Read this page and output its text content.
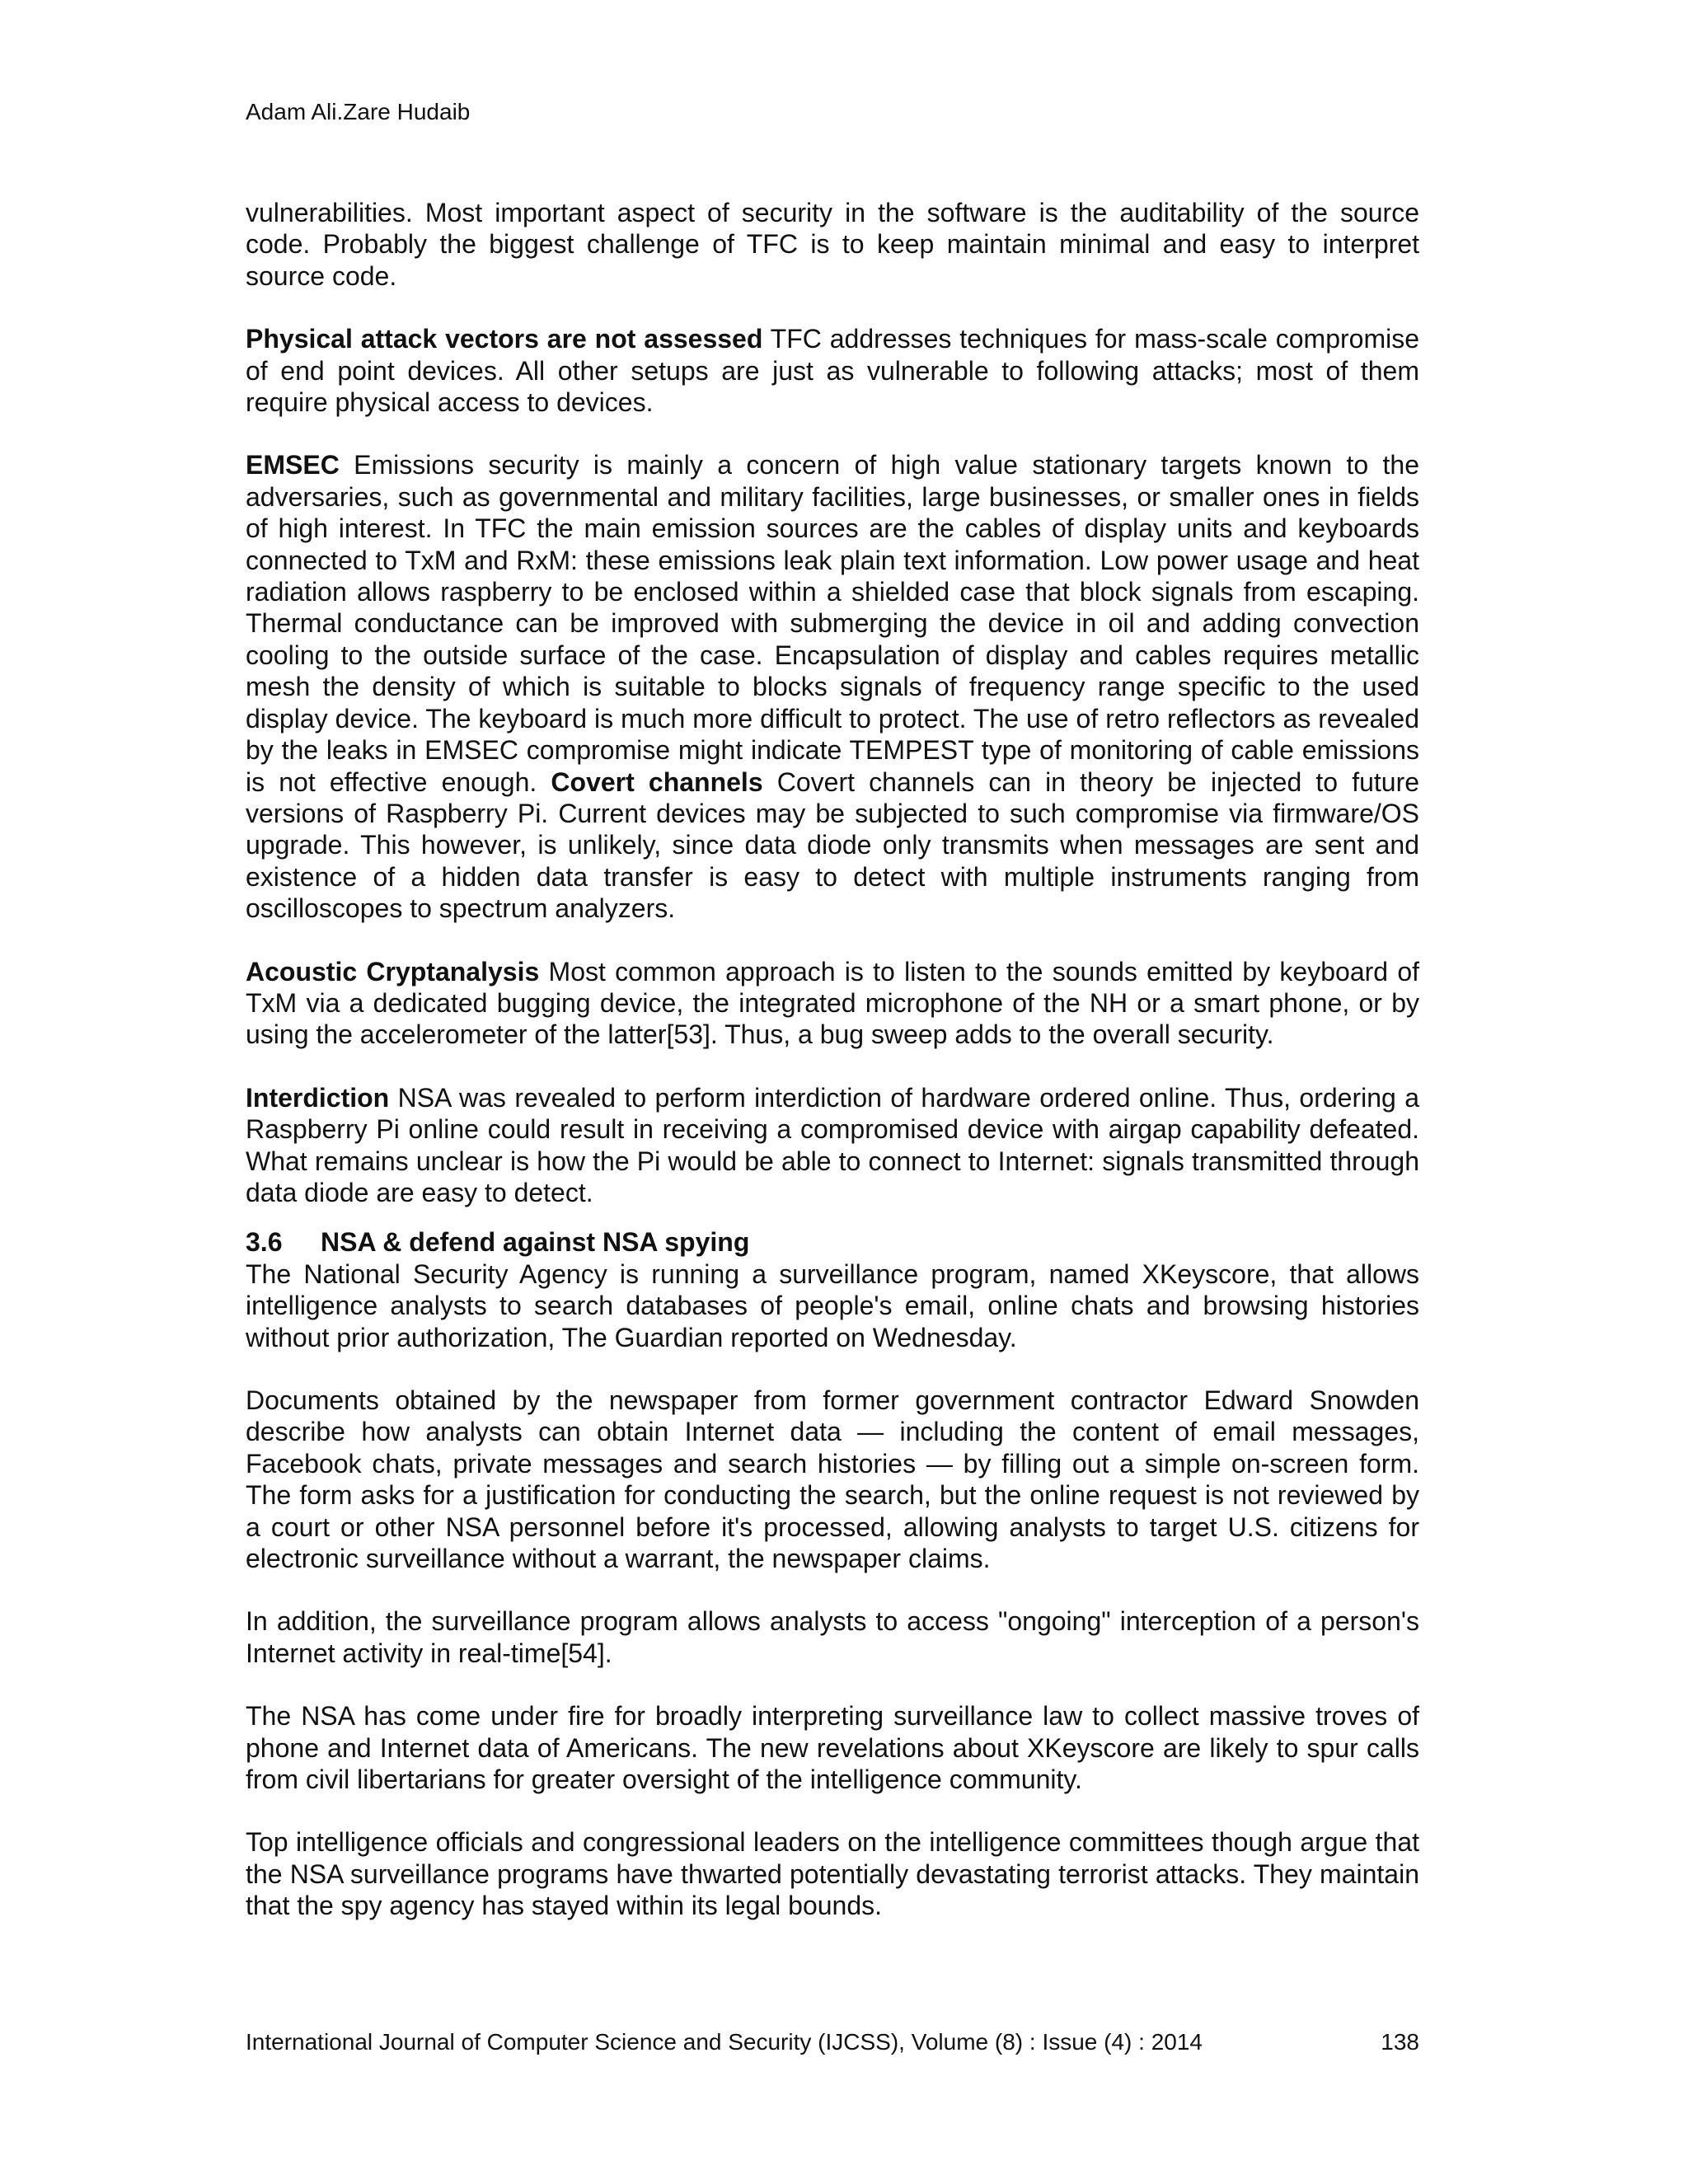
Adam Ali.Zare Hudaib

vulnerabilities. Most important aspect of security in the software is the auditability of the source code. Probably the biggest challenge of TFC is to keep maintain minimal and easy to interpret source code.

Physical attack vectors are not assessed TFC addresses techniques for mass-scale compromise of end point devices. All other setups are just as vulnerable to following attacks; most of them require physical access to devices.

EMSEC Emissions security is mainly a concern of high value stationary targets known to the adversaries, such as governmental and military facilities, large businesses, or smaller ones in fields of high interest. In TFC the main emission sources are the cables of display units and keyboards connected to TxM and RxM: these emissions leak plain text information. Low power usage and heat radiation allows raspberry to be enclosed within a shielded case that block signals from escaping. Thermal conductance can be improved with submerging the device in oil and adding convection cooling to the outside surface of the case. Encapsulation of display and cables requires metallic mesh the density of which is suitable to blocks signals of frequency range specific to the used display device. The keyboard is much more difficult to protect. The use of retro reflectors as revealed by the leaks in EMSEC compromise might indicate TEMPEST type of monitoring of cable emissions is not effective enough. Covert channels Covert channels can in theory be injected to future versions of Raspberry Pi. Current devices may be subjected to such compromise via firmware/OS upgrade. This however, is unlikely, since data diode only transmits when messages are sent and existence of a hidden data transfer is easy to detect with multiple instruments ranging from oscilloscopes to spectrum analyzers.

Acoustic Cryptanalysis Most common approach is to listen to the sounds emitted by keyboard of TxM via a dedicated bugging device, the integrated microphone of the NH or a smart phone, or by using the accelerometer of the latter[53]. Thus, a bug sweep adds to the overall security.

Interdiction NSA was revealed to perform interdiction of hardware ordered online. Thus, ordering a Raspberry Pi online could result in receiving a compromised device with airgap capability defeated. What remains unclear is how the Pi would be able to connect to Internet: signals transmitted through data diode are easy to detect.

3.6	NSA & defend against NSA spying

The National Security Agency is running a surveillance program, named XKeyscore, that allows intelligence analysts to search databases of people's email, online chats and browsing histories without prior authorization, The Guardian reported on Wednesday.

Documents obtained by the newspaper from former government contractor Edward Snowden describe how analysts can obtain Internet data — including the content of email messages, Facebook chats, private messages and search histories — by filling out a simple on-screen form. The form asks for a justification for conducting the search, but the online request is not reviewed by a court or other NSA personnel before it's processed, allowing analysts to target U.S. citizens for electronic surveillance without a warrant, the newspaper claims.

In addition, the surveillance program allows analysts to access "ongoing" interception of a person's Internet activity in real-time[54].

The NSA has come under fire for broadly interpreting surveillance law to collect massive troves of phone and Internet data of Americans. The new revelations about XKeyscore are likely to spur calls from civil libertarians for greater oversight of the intelligence community.

Top intelligence officials and congressional leaders on the intelligence committees though argue that the NSA surveillance programs have thwarted potentially devastating terrorist attacks. They maintain that the spy agency has stayed within its legal bounds.

International Journal of Computer Science and Security (IJCSS), Volume (8) : Issue (4) : 2014	138
